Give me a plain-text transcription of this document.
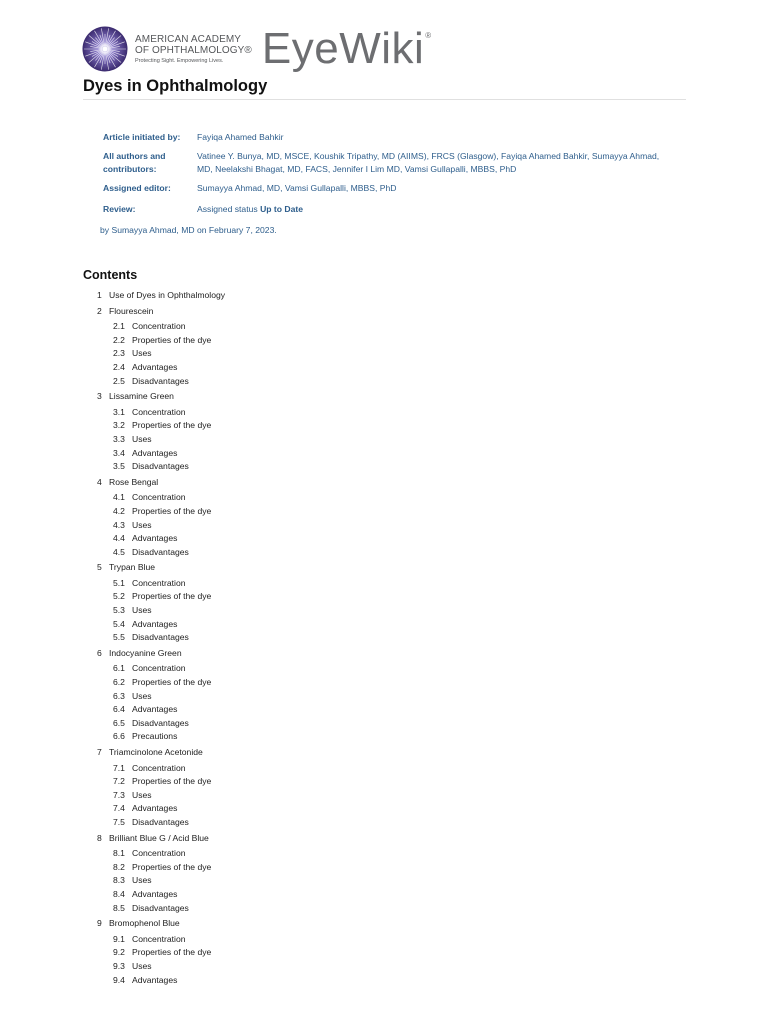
AMERICAN ACADEMY
OF OPHTHALMOLOGY®
Protecting Sight. Empowering Lives. EyeWiki®
Dyes in Ophthalmology
Article initiated by:	Fayiqa Ahamed Bahkir
All authors and contributors:
Vatinee Y. Bunya, MD, MSCE, Koushik Tripathy, MD (AIIMS), FRCS (Glasgow), Fayiqa Ahamed Bahkir, Sumayya Ahmad, MD, Neelakshi Bhagat, MD, FACS, Jennifer I Lim MD, Vamsi Gullapalli, MBBS, PhD
Assigned editor:	Sumayya Ahmad, MD, Vamsi Gullapalli, MBBS, PhD
Review:	Assigned status Up to Date
by Sumayya Ahmad, MD on February 7, 2023.
Contents
1 Use of Dyes in Ophthalmology
2 Flourescein
2.1 Concentration
2.2 Properties of the dye
2.3 Uses
2.4 Advantages
2.5 Disadvantages
3 Lissamine Green
3.1 Concentration
3.2 Properties of the dye
3.3 Uses
3.4 Advantages
3.5 Disadvantages
4 Rose Bengal
4.1 Concentration
4.2 Properties of the dye
4.3 Uses
4.4 Advantages
4.5 Disadvantages
5 Trypan Blue
5.1 Concentration
5.2 Properties of the dye
5.3 Uses
5.4 Advantages
5.5 Disadvantages
6 Indocyanine Green
6.1 Concentration
6.2 Properties of the dye
6.3 Uses
6.4 Advantages
6.5 Disadvantages
6.6 Precautions
7 Triamcinolone Acetonide
7.1 Concentration
7.2 Properties of the dye
7.3 Uses
7.4 Advantages
7.5 Disadvantages
8 Brilliant Blue G / Acid Blue
8.1 Concentration
8.2 Properties of the dye
8.3 Uses
8.4 Advantages
8.5 Disadvantages
9 Bromophenol Blue
9.1 Concentration
9.2 Properties of the dye
9.3 Uses
9.4 Advantages
